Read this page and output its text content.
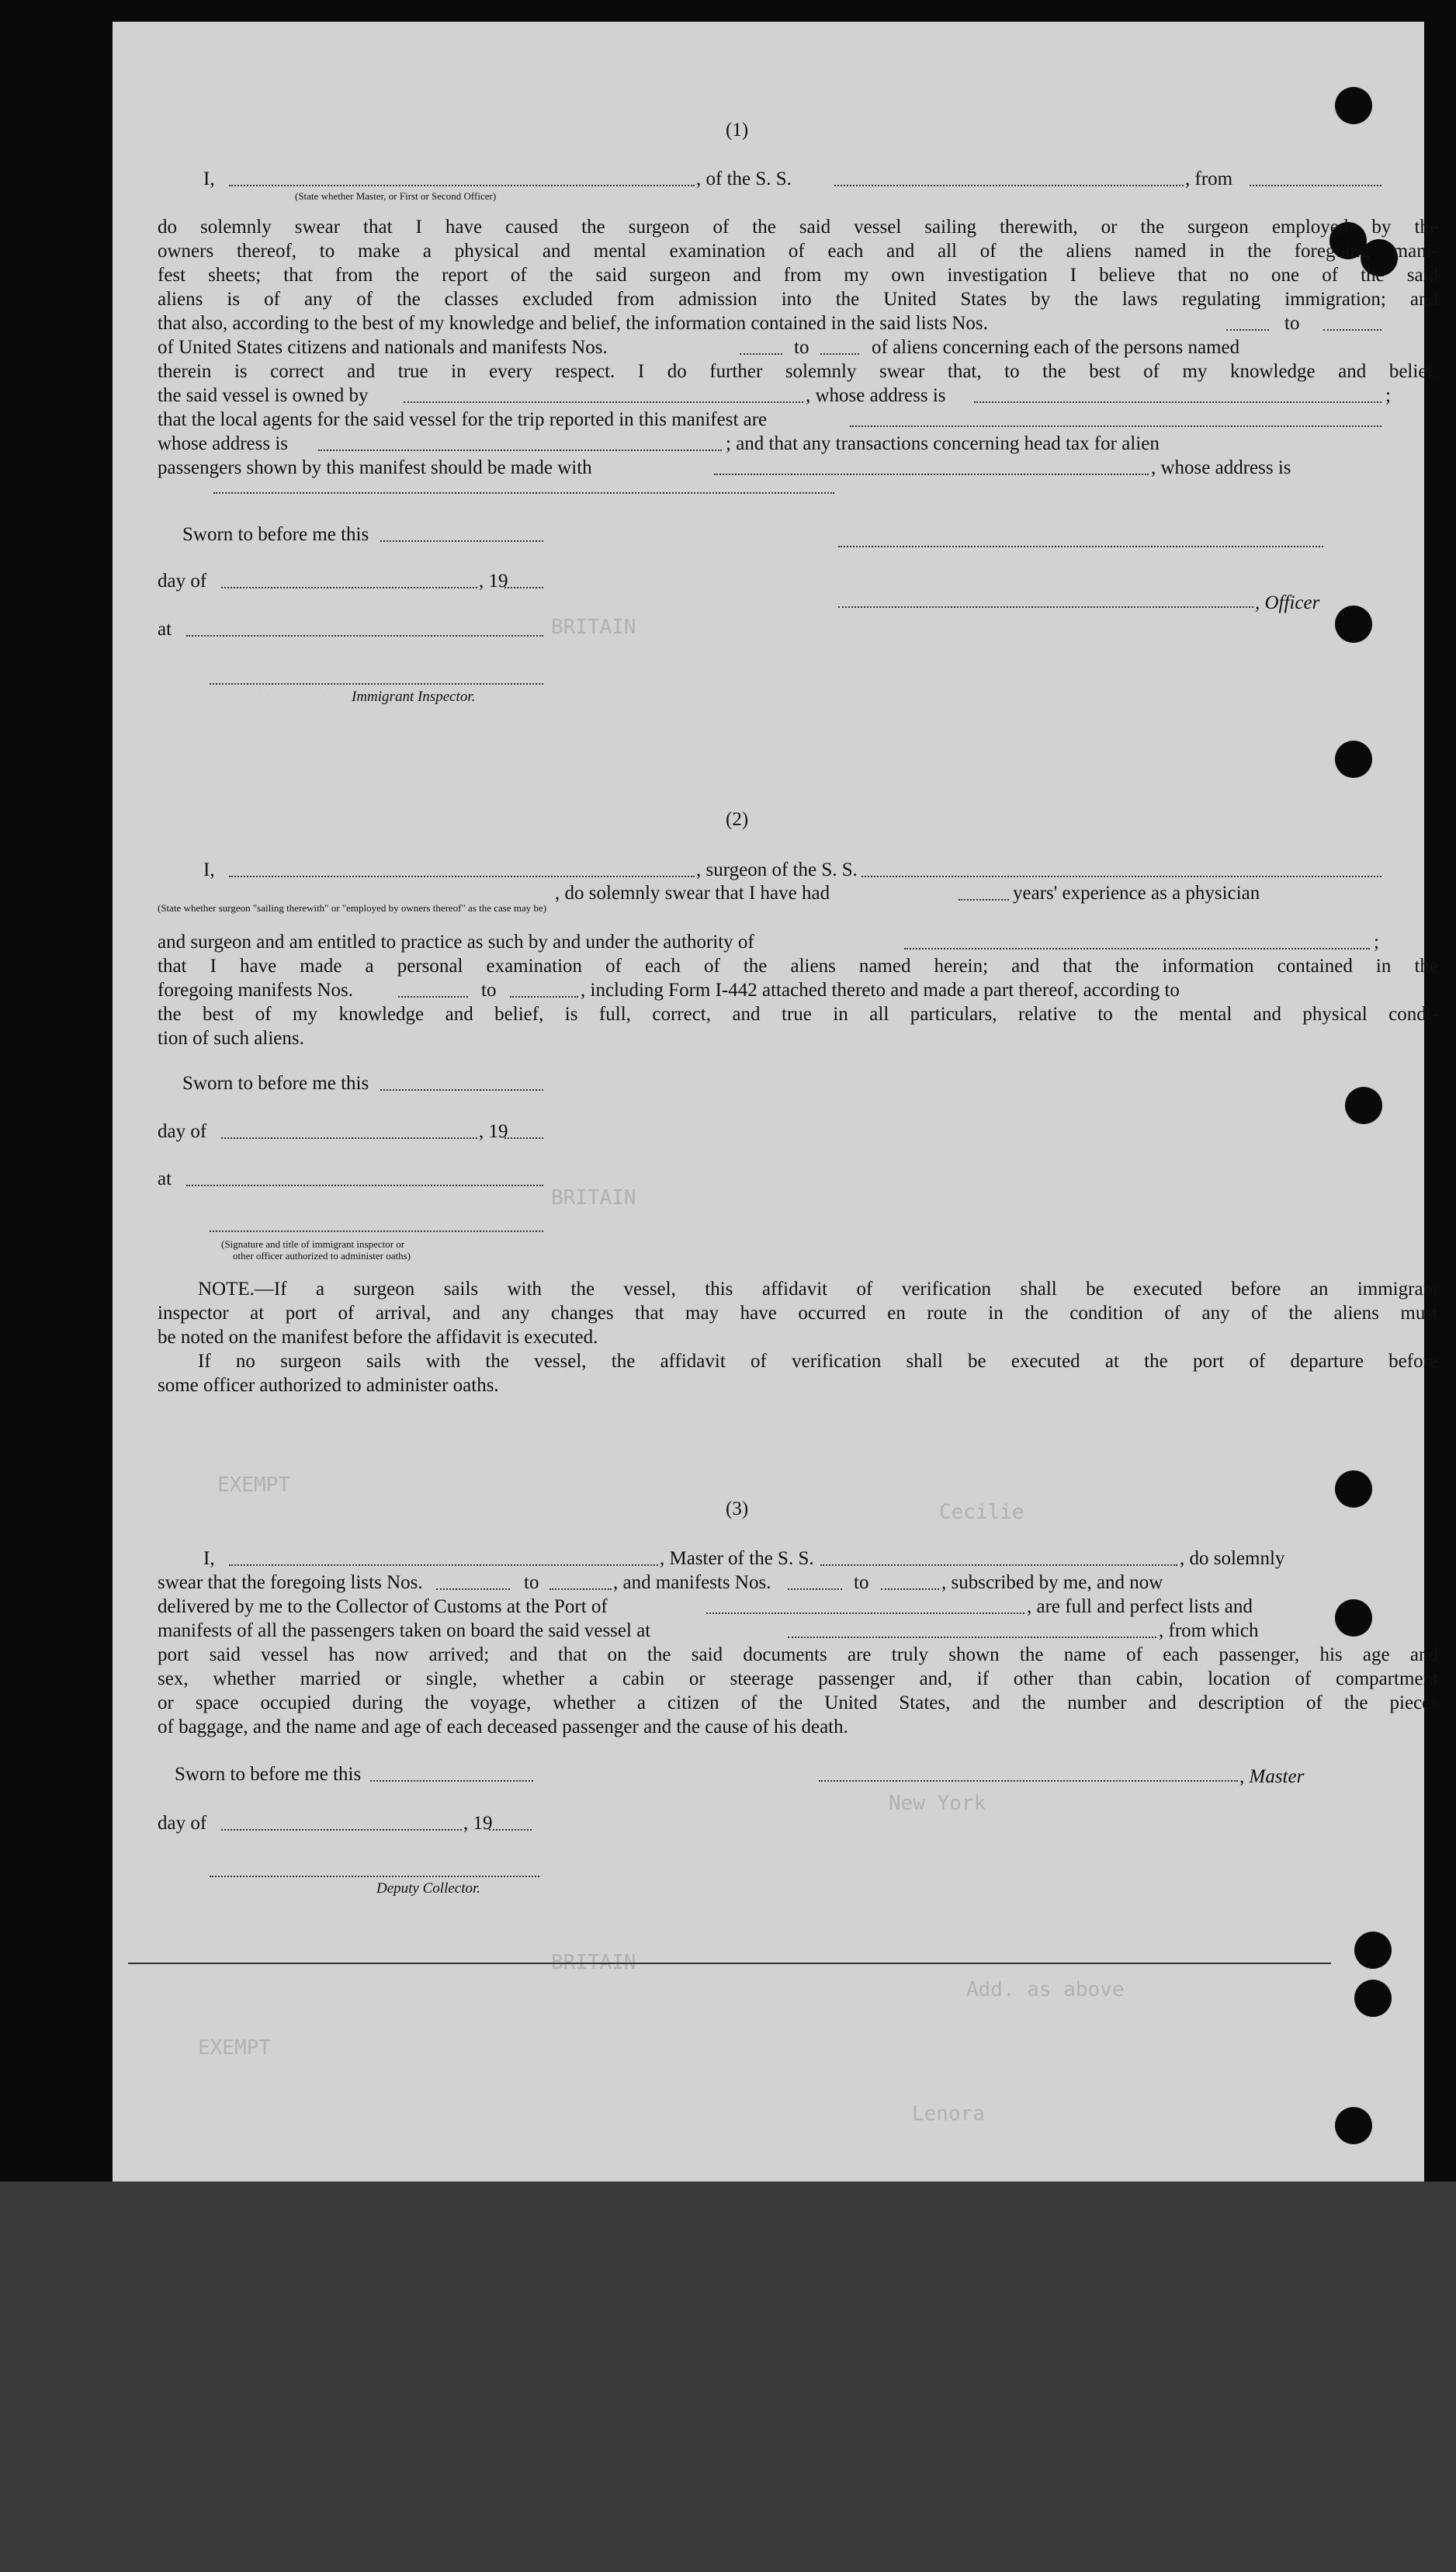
BRITAIN
BRITAIN
BRITAIN
Lenora
Cecilie
New York
Add. as above
EXEMPT
EXEMPT
(1)
I,
(State whether Master, or First or Second Officer)
, of the S. S.	, from
do solemnly swear that I have caused the surgeon of the said vessel sailing therewith, or the surgeon employed by the
owners thereof, to make a physical and mental examination of each and all of the aliens named in the foregoing mani-
fest sheets; that from the report of the said surgeon and from my own investigation I believe that no one of the said
aliens is of any of the classes excluded from admission into the United States by the laws regulating immigration; and
that also, according to the best of my knowledge and belief, the information contained in the said lists Nos.	to
of United States citizens and nationals and manifests Nos.	to	of aliens concerning each of the persons named
therein is correct and true in every respect. I do further solemnly swear that, to the best of my knowledge and belief,
the said vessel is owned by	, whose address is	;
that the local agents for the said vessel for the trip reported in this manifest are
whose address is	; and that any transactions concerning head tax for alien
passengers shown by this manifest should be made with	, whose address is
Sworn to before me this
day of	, 19
at
Immigrant Inspector.
, Officer
(2)
I,	, surgeon of the S. S.
(State whether surgeon "sailing therewith" or "employed by owners thereof" as the case may be)
, do solemnly swear that I have had	years' experience as a physician
and surgeon and am entitled to practice as such by and under the authority of	;
that I have made a personal examination of each of the aliens named herein; and that the information contained in the
foregoing manifests Nos.	to	, including Form I-442 attached thereto and made a part thereof, according to
the best of my knowledge and belief, is full, correct, and true in all particulars, relative to the mental and physical condi-
tion of such aliens.
Sworn to before me this
day of	, 19
at
(Signature and title of immigrant inspector or
other officer authorized to administer oaths)
NOTE.—If a surgeon sails with the vessel, this affidavit of verification shall be executed before an immigrant
inspector at port of arrival, and any changes that may have occurred en route in the condition of any of the aliens must
be noted on the manifest before the affidavit is executed.
If no surgeon sails with the vessel, the affidavit of verification shall be executed at the port of departure before
some officer authorized to administer oaths.
(3)
I,	, Master of the S. S.	, do solemnly
swear that the foregoing lists Nos.	to	, and manifests Nos.	to	, subscribed by me, and now
delivered by me to the Collector of Customs at the Port of	, are full and perfect lists and
manifests of all the passengers taken on board the said vessel at	, from which
port said vessel has now arrived; and that on the said documents are truly shown the name of each passenger, his age and
sex, whether married or single, whether a cabin or steerage passenger and, if other than cabin, location of compartment
or space occupied during the voyage, whether a citizen of the United States, and the number and description of the pieces
of baggage, and the name and age of each deceased passenger and the cause of his death.
Sworn to before me this	, Master
day of	, 19
Deputy Collector.
